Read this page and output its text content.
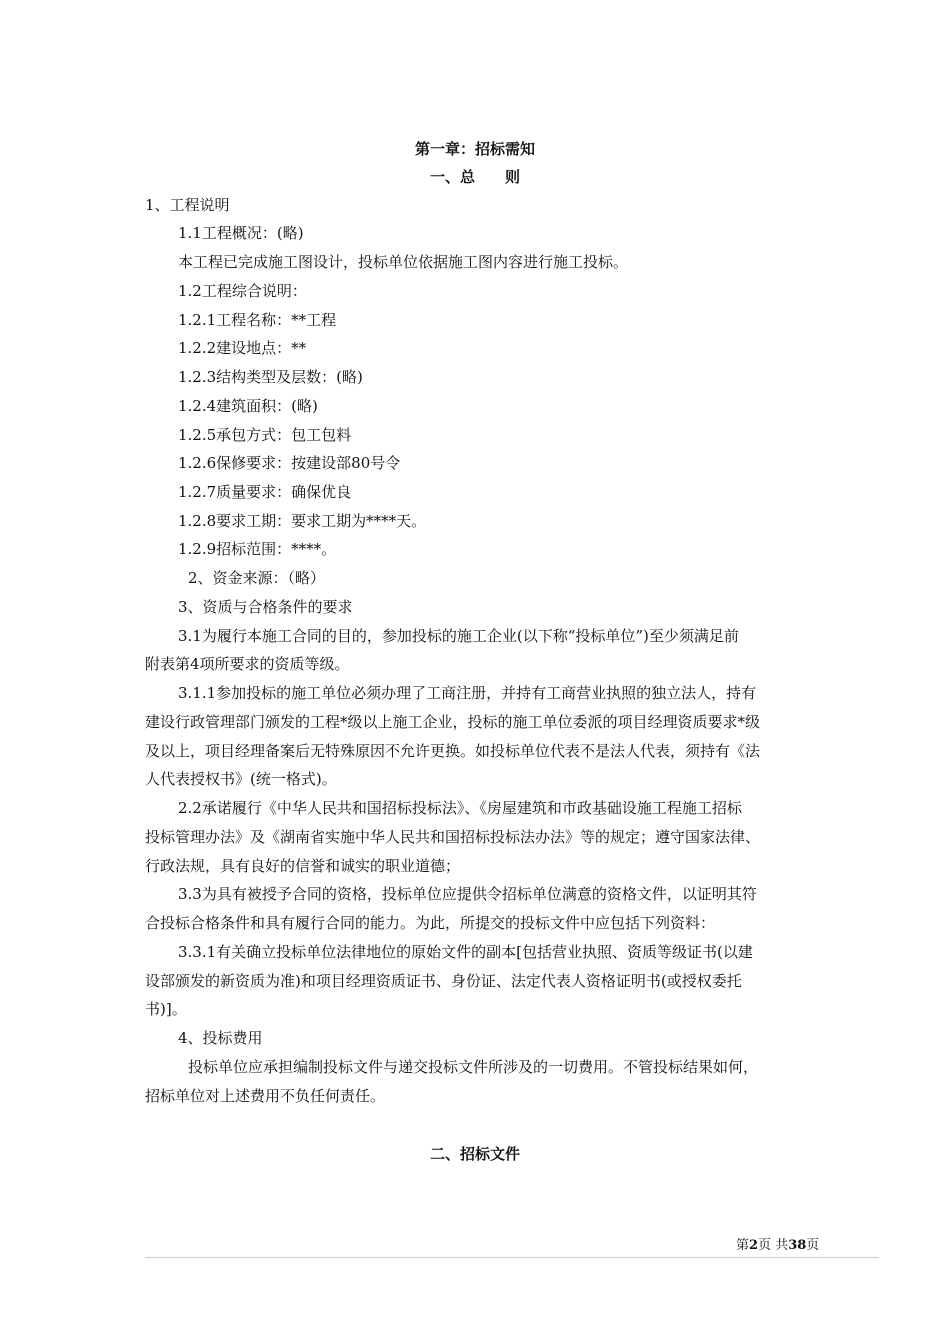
第一章：招标需知
一、总　　则
1、工程说明
1.1工程概况：(略)
本工程已完成施工图设计，投标单位依据施工图内容进行施工投标。
1.2工程综合说明：
1.2.1工程名称：**工程
1.2.2建设地点：**
1.2.3结构类型及层数：(略)
1.2.4建筑面积：(略)
1.2.5承包方式：包工包料
1.2.6保修要求：按建设部80号令
1.2.7质量要求：确保优良
1.2.8要求工期：要求工期为****天。
1.2.9招标范围：****。
2、资金来源：（略）
3、资质与合格条件的要求
3.1为履行本施工合同的目的，参加投标的施工企业(以下称“投标单位”)至少须满足前
附表第4项所要求的资质等级。
3.1.1参加投标的施工单位必须办理了工商注册，并持有工商营业执照的独立法人，持有
建设行政管理部门颁发的工程*级以上施工企业，投标的施工单位委派的项目经理资质要求*级
及以上，项目经理备案后无特殊原因不允许更换。如投标单位代表不是法人代表，须持有《法
人代表授权书》(统一格式)。
2.2承诺履行《中华人民共和国招标投标法》、《房屋建筑和市政基础设施工程施工招标
投标管理办法》及《湖南省实施中华人民共和国招标投标法办法》等的规定；遵守国家法律、
行政法规，具有良好的信誉和诚实的职业道德；
3.3为具有被授予合同的资格，投标单位应提供令招标单位满意的资格文件，以证明其符
合投标合格条件和具有履行合同的能力。为此，所提交的投标文件中应包括下列资料：
3.3.1有关确立投标单位法律地位的原始文件的副本[包括营业执照、资质等级证书(以建
设部颁发的新资质为准)和项目经理资质证书、身份证、法定代表人资格证明书(或授权委托
书)]。
4、投标费用
投标单位应承担编制投标文件与递交投标文件所涉及的一切费用。不管投标结果如何，
招标单位对上述费用不负任何责任。
二、招标文件
第2页 共38页
